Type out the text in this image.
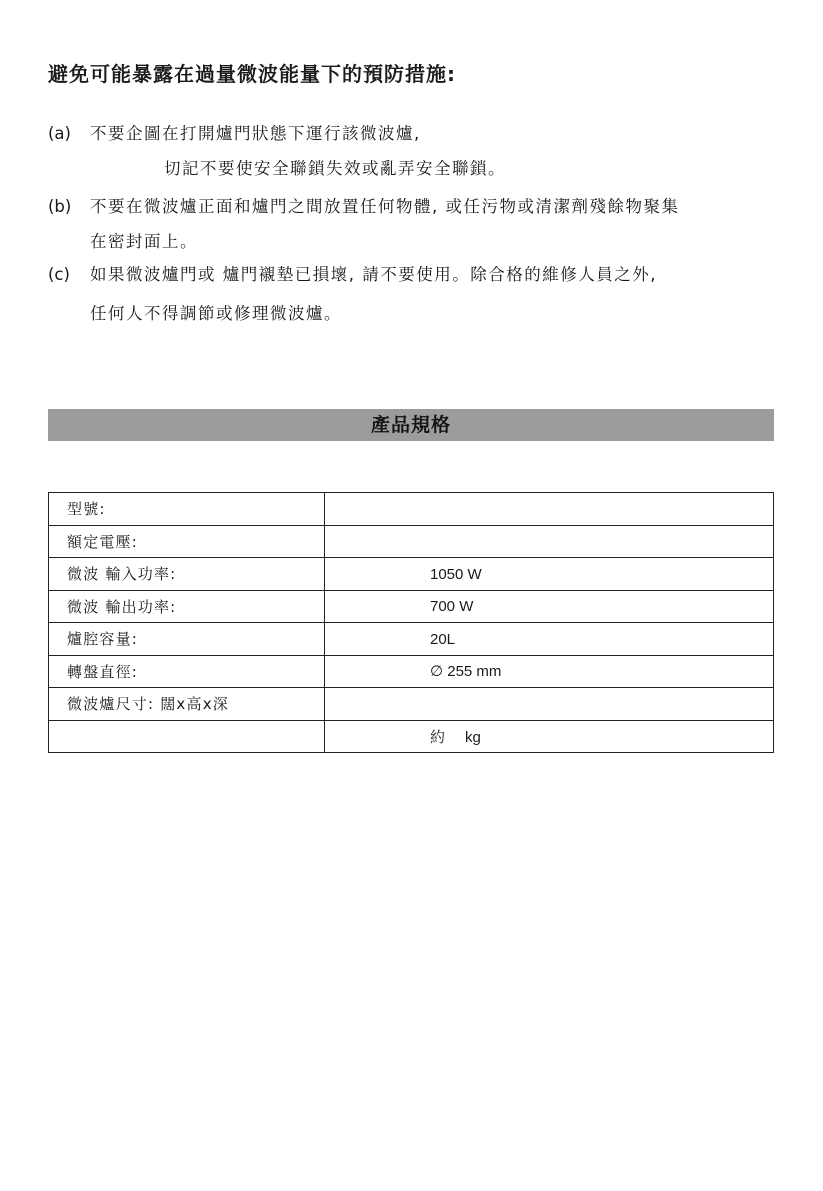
避免可能暴露在過量微波能量下的預防措施:
(a) 不要企圖在打開爐門狀態下運行該微波爐,
切記不要使安全聯鎖失效或亂弄安全聯鎖。
(b) 不要在微波爐正面和爐門之間放置任何物體, 或任污物或清潔劑殘餘物聚集
在密封面上。
(c) 如果微波爐門或 爐門襯墊已損壞, 請不要使用。除合格的維修人員之外,
任何人不得調節或修理微波爐。
產品規格
型號:	
額定電壓:	
微波 輸入功率:	1050 W
微波 輸出功率:	700 W
爐腔容量:	20L
轉盤直徑:	∅ 255 mm
微波爐尺寸: 闊x高x深	
	約 kg
